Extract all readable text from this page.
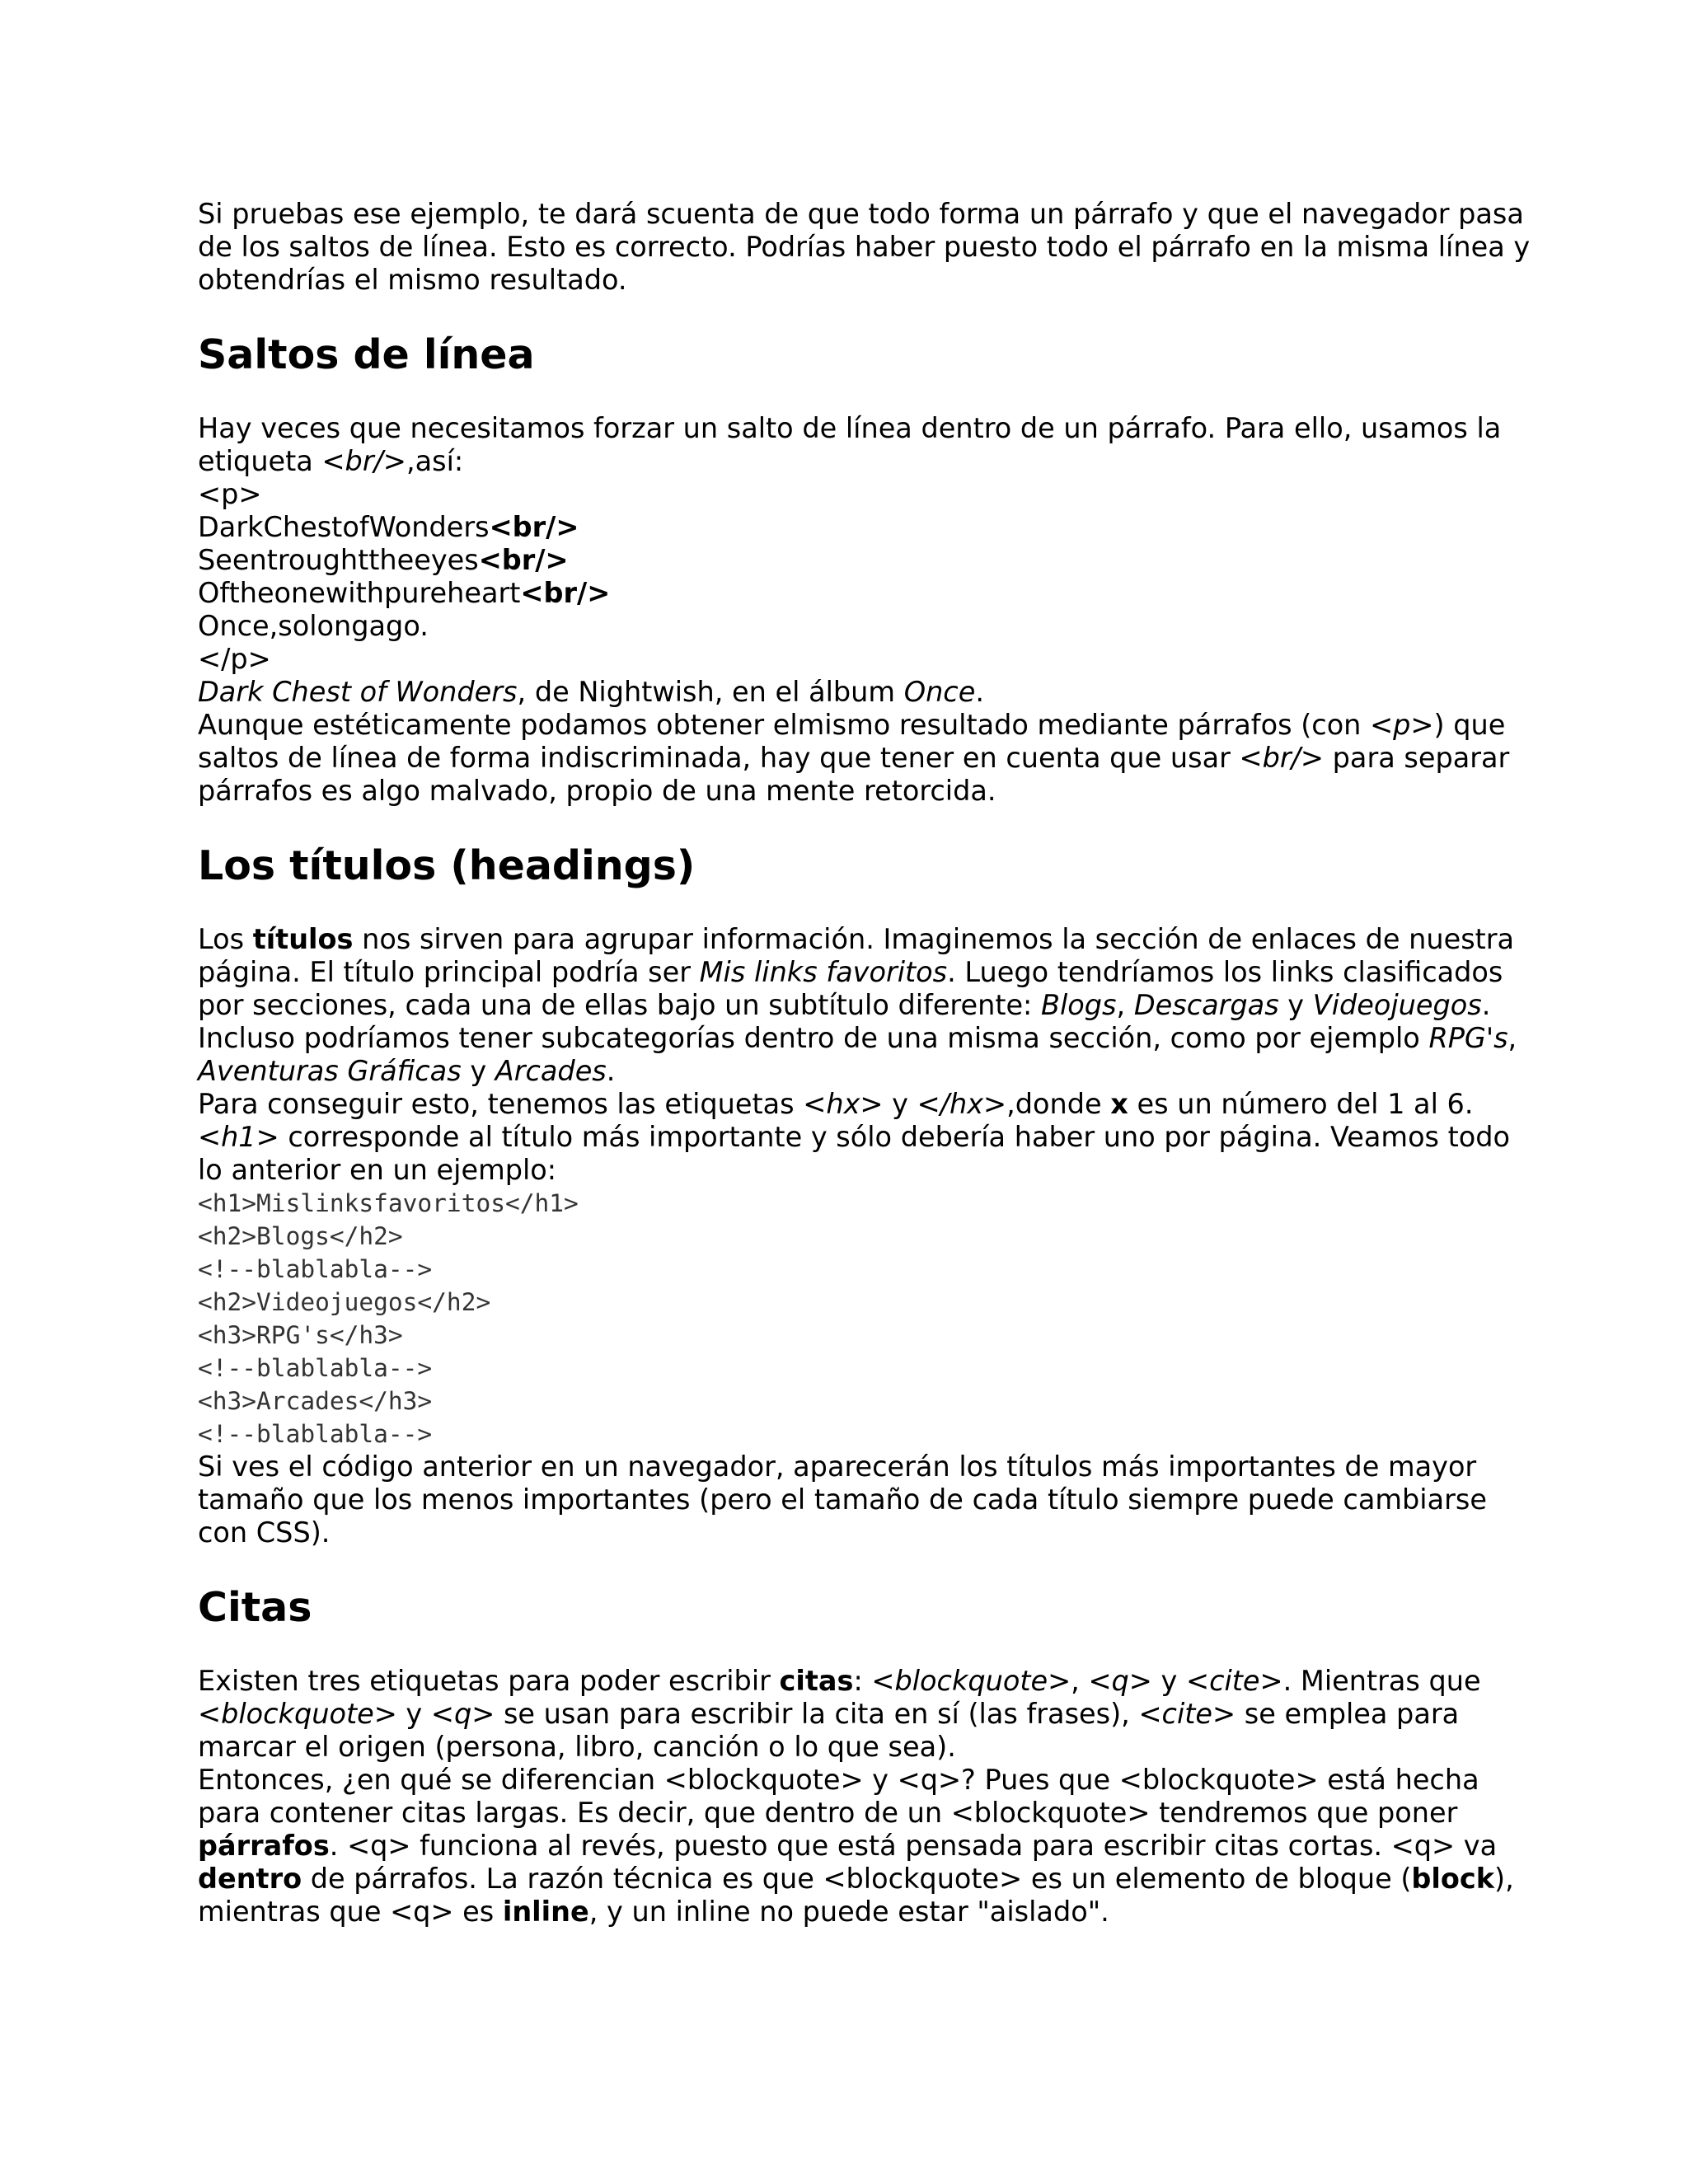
Si pruebas ese ejemplo, te dará scuenta de que todo forma un párrafo y que el navegador pasa de los saltos de línea. Esto es correcto. Podrías haber puesto todo el párrafo en la misma línea y obtendrías el mismo resultado.

Saltos de línea

Hay veces que necesitamos forzar un salto de línea dentro de un párrafo. Para ello, usamos la etiqueta <br/>,así:

<p>
DarkChestofWonders<br/>
Seentroughttheeyes<br/>
Oftheonewithpureheart<br/>
Once,solongago.
</p>

Dark Chest of Wonders, de Nightwish, en el álbum Once.

Aunque estéticamente podamos obtener elmismo resultado mediante párrafos (con <p>) que saltos de línea de forma indiscriminada, hay que tener en cuenta que usar <br/> para separar párrafos es algo malvado, propio de una mente retorcida.

Los títulos (headings)

Los títulos nos sirven para agrupar información. Imaginemos la sección de enlaces de nuestra página. El título principal podría ser Mis links favoritos. Luego tendríamos los links clasificados por secciones, cada una de ellas bajo un subtítulo diferente: Blogs, Descargas y Videojuegos. Incluso podríamos tener subcategorías dentro de una misma sección, como por ejemplo RPG's, Aventuras Gráficas y Arcades.

Para conseguir esto, tenemos las etiquetas <hx> y </hx>,donde x es un número del 1 al 6.

<h1> corresponde al título más importante y sólo debería haber uno por página. Veamos todo lo anterior en un ejemplo:

<h1>Mislinksfavoritos</h1>
<h2>Blogs</h2>
<!--blablabla-->
<h2>Videojuegos</h2>
<h3>RPG's</h3>
<!--blablabla-->
<h3>Arcades</h3>
<!--blablabla-->

Si ves el código anterior en un navegador, aparecerán los títulos más importantes de mayor tamaño que los menos importantes (pero el tamaño de cada título siempre puede cambiarse con CSS).

Citas

Existen tres etiquetas para poder escribir citas: <blockquote>, <q> y <cite>. Mientras que <blockquote> y <q> se usan para escribir la cita en sí (las frases), <cite> se emplea para marcar el origen (persona, libro, canción o lo que sea).

Entonces, ¿en qué se diferencian <blockquote> y <q>? Pues que <blockquote> está hecha para contener citas largas. Es decir, que dentro de un <blockquote> tendremos que poner párrafos. <q> funciona al revés, puesto que está pensada para escribir citas cortas. <q> va dentro de párrafos. La razón técnica es que <blockquote> es un elemento de bloque (block), mientras que <q> es inline, y un inline no puede estar "aislado".
